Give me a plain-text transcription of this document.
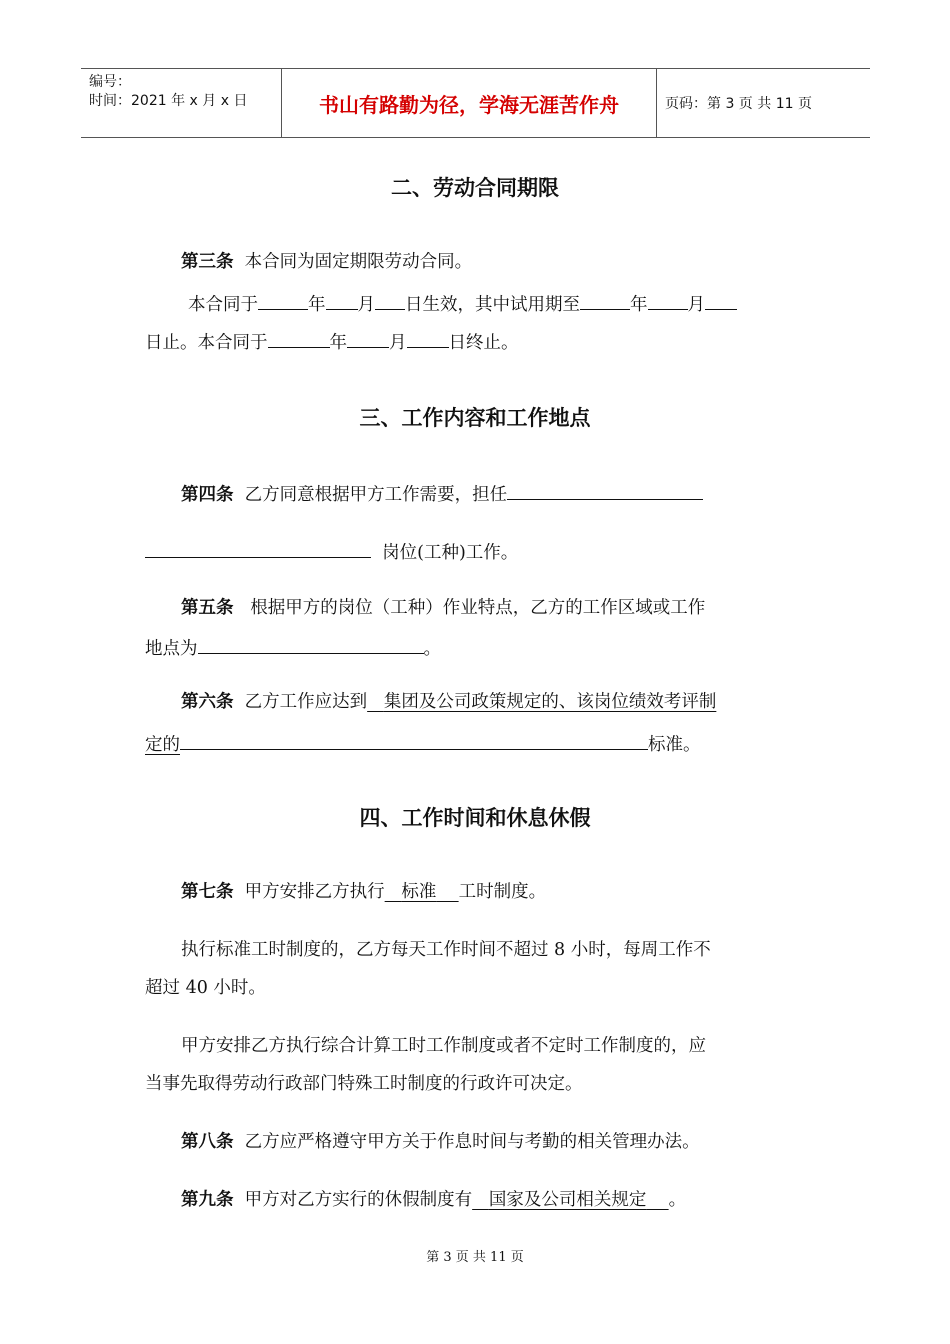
编号：
时间：2021 年 x 月 x 日	书山有路勤为径，学海无涯苦作舟	页码：第 3 页 共 11 页
二、劳动合同期限
第三条 本合同为固定期限劳动合同。
本合同于	年 月 日生效，其中试用期至	年 月
日止。本合同于	年 月 日终止。
三、工作内容和工作地点
第四条 乙方同意根据甲方工作需要，担任
岗位(工种)工作。
第五条 根据甲方的岗位（工种）作业特点，乙方的工作区域或工作
地点为	。
第六条 乙方工作应达到 集团及公司政策规定的、该岗位绩效考评制
定的	标准。
四、工作时间和休息休假
第七条 甲方安排乙方执行 标准 工时制度。
执行标准工时制度的，乙方每天工作时间不超过 8 小时，每周工作不
超过 40 小时。
甲方安排乙方执行综合计算工时工作制度或者不定时工作制度的，应
当事先取得劳动行政部门特殊工时制度的行政许可决定。
第八条 乙方应严格遵守甲方关于作息时间与考勤的相关管理办法。
第九条 甲方对乙方实行的休假制度有 国家及公司相关规定 。
第 3 页 共 11 页
